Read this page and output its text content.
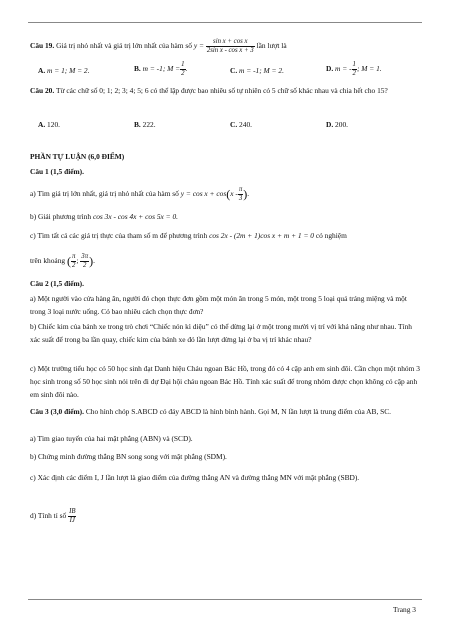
Câu 19. Giá trị nhỏ nhất và giá trị lớn nhất của hàm số $y = \frac{\text{sin x + cos x}}{\text{2sin x - cos x + 3}}$ lần lượt là
A. m = 1; M = 2.	B. m = -1; $M = \frac{1}{2}$ .	C. m = -1; M = 2.	D. m = - $\frac{1}{2}$ ; M = 1.
Câu 20. Từ các chữ số 0; 1; 2; 3; 4; 5; 6 có thể lập được bao nhiêu số tự nhiên có 5 chữ số khác nhau và chia hết cho 15?
A. 120.	B. 222.	C. 240.	D. 200.
PHẦN TỰ LUẬN (6,0 ĐIỂM)
Câu 1 (1,5 điểm).
a) Tìm giá trị lớn nhất, giá trị nhỏ nhất của hàm số $y = \cos x + \cos(x - \frac{\pi}{3}$ ).
b) Giải phương trình cos 3x - cos 4x + cos 5x = 0.
c) Tìm tất cả các giá trị thực của tham số m để phương trình cos 2x - (2m + 1)cos x + m + 1 = 0 có nghiệm
trên khoảng ( $\frac{\pi}{2}$ ; $\frac{3\pi}{2}$ ).
Câu 2 (1,5 điểm).
a) Một người vào cửa hàng ăn, người đó chọn thực đơn gồm một món ăn trong 5 món, một trong 5 loại quả tráng miệng và một trong 3 loại nước uống. Có bao nhiêu cách chọn thực đơn?
b) Chiếc kim của bánh xe trong trò chơi “Chiếc nón kì diệu” có thể dừng lại ở một trong mười vị trí với khả năng như nhau. Tính xác suất để trong ba lần quay, chiếc kim của bánh xe đó lần lượt dừng lại ở ba vị trí khác nhau?
c) Một trường tiểu học có 50 học sinh đạt Danh hiệu Cháu ngoan Bác Hồ, trong đó có 4 cặp anh em sinh đôi. Cần chọn một nhóm 3 học sinh trong số 50 học sinh nói trên đi dự Đại hội cháu ngoan Bác Hồ. Tính xác suất để trong nhóm được chọn không có cặp anh em sinh đôi nào.
Câu 3 (3,0 điểm). Cho hình chóp S.ABCD có đáy ABCD là hình bình hành. Gọi M, N lần lượt là trung điểm của AB, SC.
a) Tìm giao tuyến của hai mặt phẳng (ABN) và (SCD).
b) Chứng minh đường thẳng BN song song với mặt phẳng (SDM).
c) Xác định các điểm I, J lần lượt là giao điểm của đường thẳng AN và đường thẳng MN với mặt phẳng (SBD).
d) Tính tỉ số $\frac{IB}{IJ}$
Trang 3
